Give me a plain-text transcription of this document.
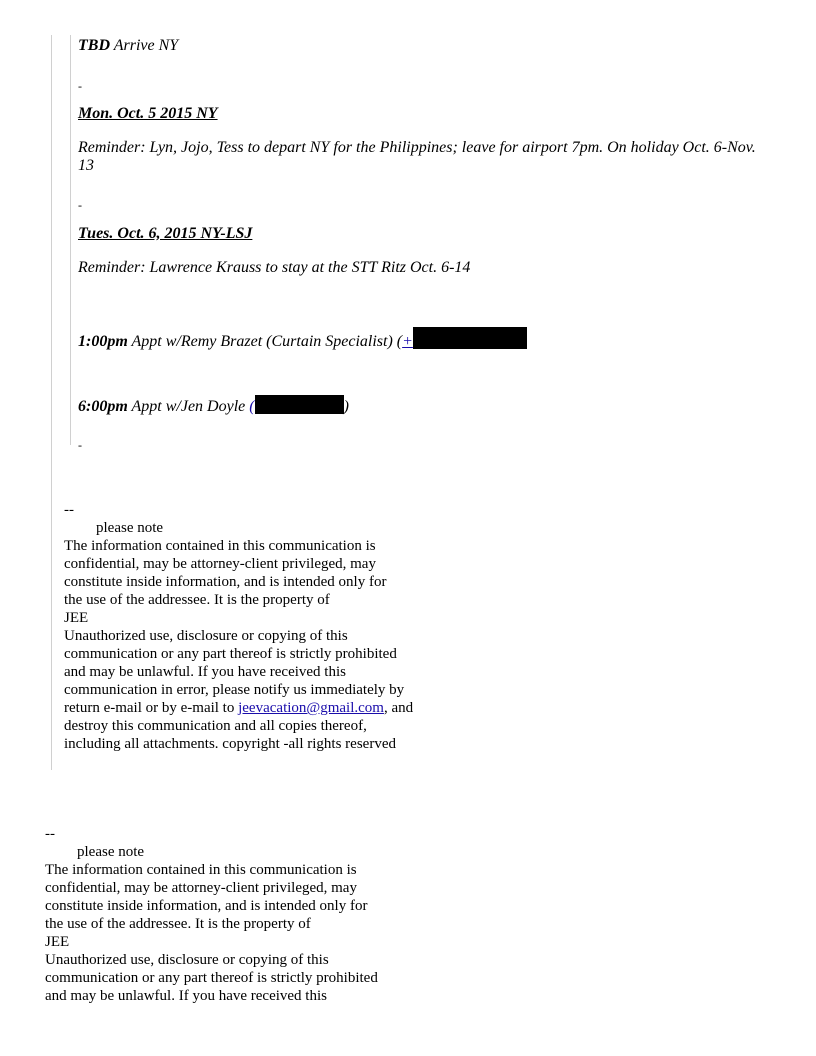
TBD Arrive NY
-
Mon. Oct. 5 2015 NY
Reminder: Lyn, Jojo, Tess to depart NY for the Philippines; leave for airport 7pm. On holiday Oct. 6-Nov.
13
-
Tues. Oct. 6, 2015 NY-LSJ
Reminder: Lawrence Krauss to stay at the STT Ritz Oct. 6-14
1:00pm Appt w/Remy Brazet (Curtain Specialist) (+
6:00pm Appt w/Jen Doyle (	)
-
--
please note
The information contained in this communication is
confidential, may be attorney-client privileged, may
constitute inside information, and is intended only for
the use of the addressee. It is the property of
JEE
Unauthorized use, disclosure or copying of this
communication or any part thereof is strictly prohibited
and may be unlawful. If you have received this
communication in error, please notify us immediately by
return e-mail or by e-mail to jeevacation@gmail.com, and
destroy this communication and all copies thereof,
including all attachments. copyright -all rights reserved
--
please note
The information contained in this communication is
confidential, may be attorney-client privileged, may
constitute inside information, and is intended only for
the use of the addressee. It is the property of
JEE
Unauthorized use, disclosure or copying of this
communication or any part thereof is strictly prohibited
and may be unlawful. If you have received this
